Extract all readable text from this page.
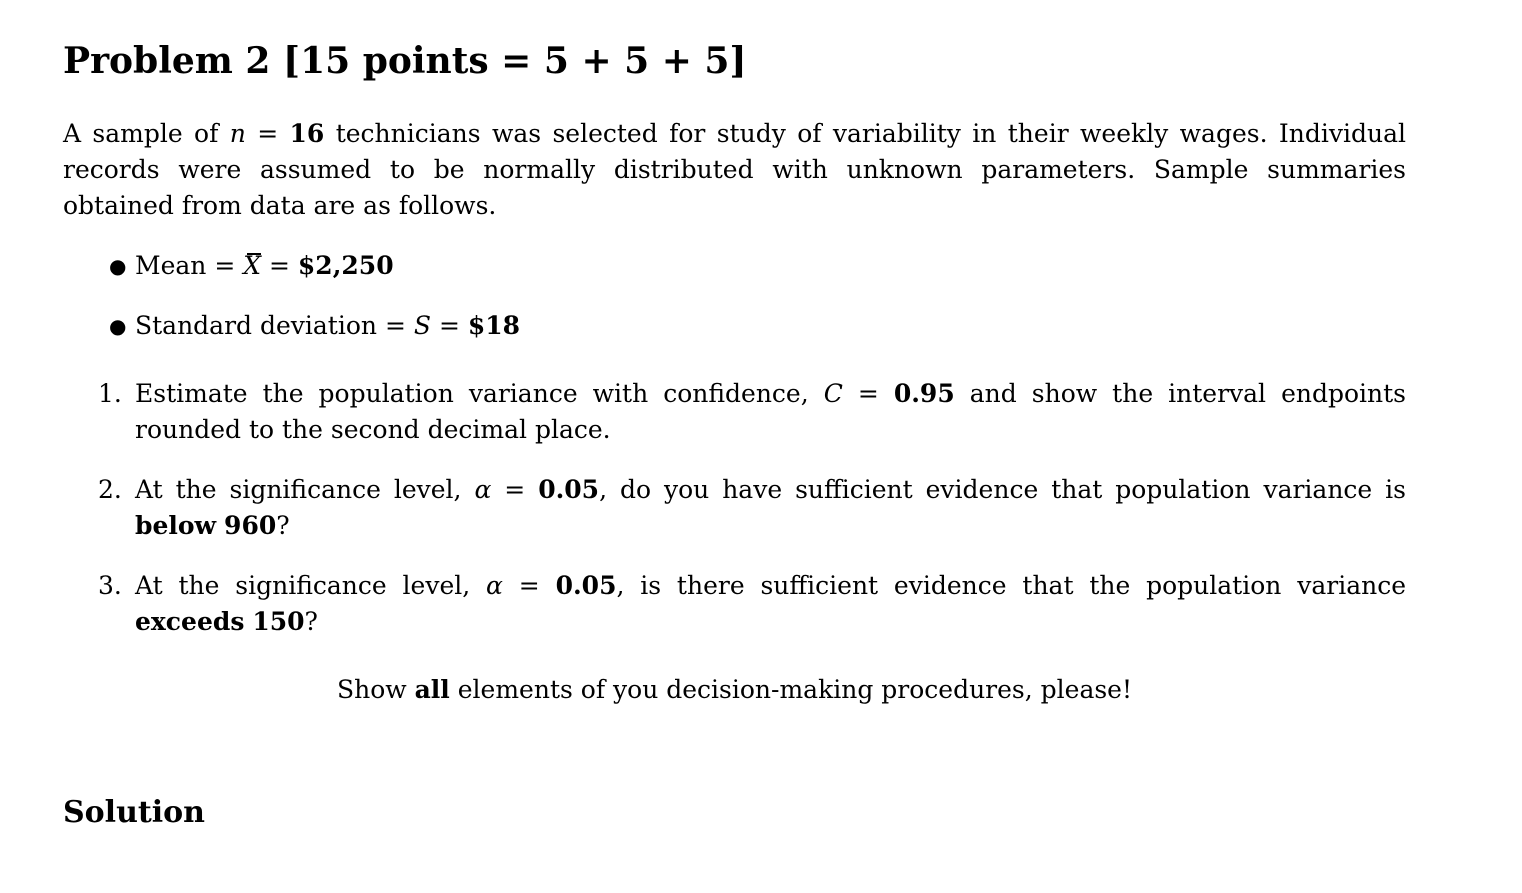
Problem 2 [15 points = 5 + 5 + 5]

A sample of n = 16 technicians was selected for study of variability in their weekly wages. Individual records were assumed to be normally distributed with unknown parameters. Sample summaries obtained from data are as follows.

● Mean = X = $2,250
● Standard deviation = S = $18
1. Estimate the population variance with confidence, C = 0.95 and show the interval endpoints rounded to the second decimal place.
2. At the significance level, α = 0.05, do you have sufficient evidence that population variance is below 960?
3. At the significance level, α = 0.05, is there sufficient evidence that the population variance exceeds 150?

Show all elements of you decision-making procedures, please!

Solution
